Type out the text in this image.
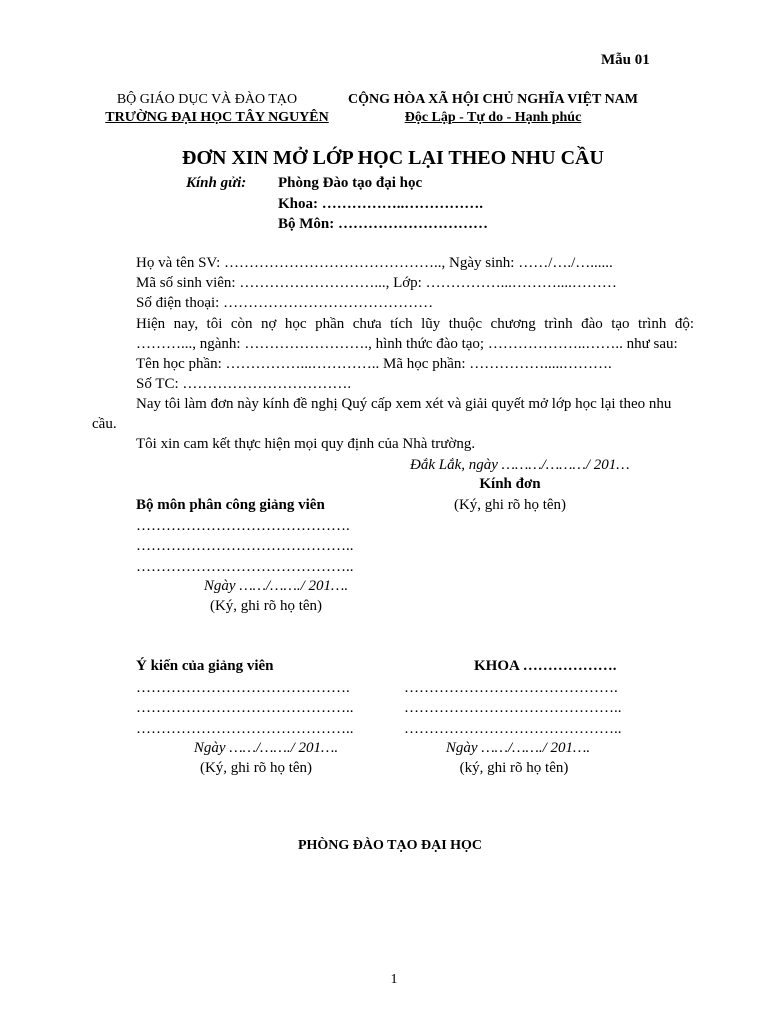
Mẫu 01
BỘ GIÁO DỤC VÀ ĐÀO TẠO
TRƯỜNG ĐẠI HỌC TÂY NGUYÊN
CỘNG HÒA XÃ HỘI CHỦ NGHĨA VIỆT NAM
Độc Lập - Tự do - Hạnh phúc
ĐƠN XIN MỞ LỚP HỌC LẠI THEO NHU CẦU
Kính gửi: Phòng Đào tạo đại học
Khoa: ……………..…………….
Bộ Môn: …………………………
Họ và tên SV: …………………………………….., Ngày sinh: ……/…./…......
Mã số sinh viên: ………………………..., Lớp: ……………...………....………
Số điện thoại: ……………………………………
Hiện nay, tôi còn nợ học phần chưa tích lũy thuộc chương trình đào tạo trình độ:
………..., ngành: ……………………., hình thức đào tạo; ………………..…….. như sau:
Tên học phần: ……………...………….. Mã học phần: …………….....……….
Số TC: …………………………….
Nay tôi làm đơn này kính đề nghị Quý cấp xem xét và giải quyết mở lớp học lại theo nhu
cầu.
Tôi xin cam kết thực hiện mọi quy định của Nhà trường.
Đắk Lắk, ngày ………/………/ 201…
Kính đơn
(Ký, ghi rõ họ tên)
Bộ môn phân công giảng viên
…………………………………….
……………………………………..
……………………………………..
Ngày ……/……./ 201….
(Ký, ghi rõ họ tên)
Ý kiến của giảng viên
…………………………………….
……………………………………..
……………………………………..
Ngày ……/……./ 201….
(Ký, ghi rõ họ tên)
KHOA ……………….
…………………………………….
……………………………………..
……………………………………..
Ngày ……/……./ 201….
(ký, ghi rõ họ tên)
PHÒNG ĐÀO TẠO ĐẠI HỌC
1
